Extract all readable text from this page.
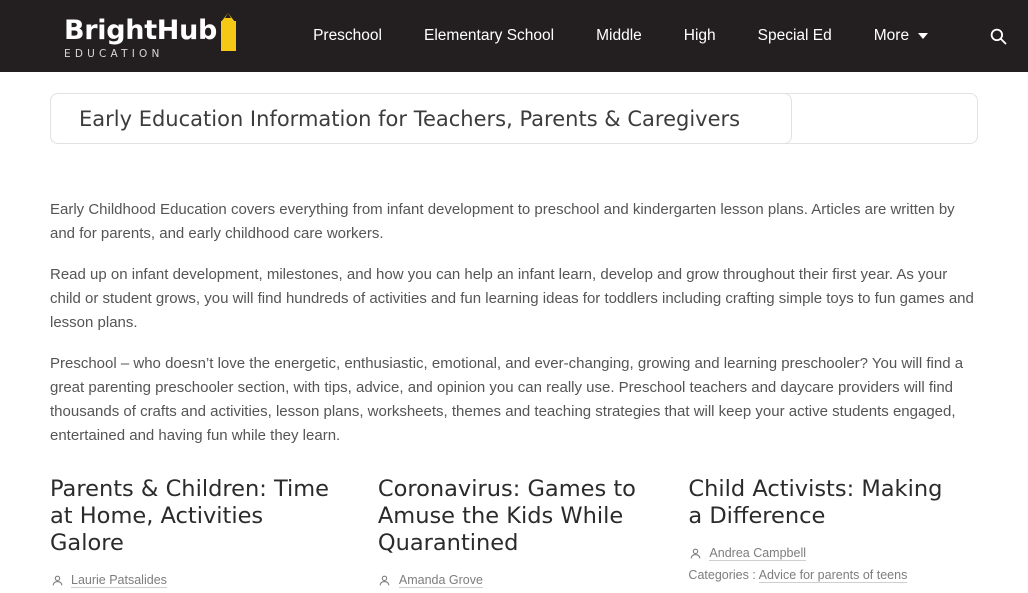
BrightHub
EDUCATION
Preschool	Elementary School	Middle	High	Special Ed	More
Early Education Information for Teachers, Parents & Caregivers

Early Childhood Education covers everything from infant development to preschool and kindergarten lesson plans. Articles are written by and for parents, and early childhood care workers.

Read up on infant development, milestones, and how you can help an infant learn, develop and grow throughout their first year. As your child or student grows, you will find hundreds of activities and fun learning ideas for toddlers including crafting simple toys to fun games and lesson plans.

Preschool – who doesn’t love the energetic, enthusiastic, emotional, and ever-changing, growing and learning preschooler? You will find a great parenting preschooler section, with tips, advice, and opinion you can really use. Preschool teachers and daycare providers will find thousands of crafts and activities, lesson plans, worksheets, themes and teaching strategies that will keep your active students engaged, entertained and having fun while they learn.

Parents & Children: Time at Home, Activities Galore
Laurie Patsalides
Coronavirus: Games to Amuse the Kids While Quarantined
Amanda Grove
Child Activists: Making a Difference
Andrea Campbell
Categories : Advice for parents of teens
